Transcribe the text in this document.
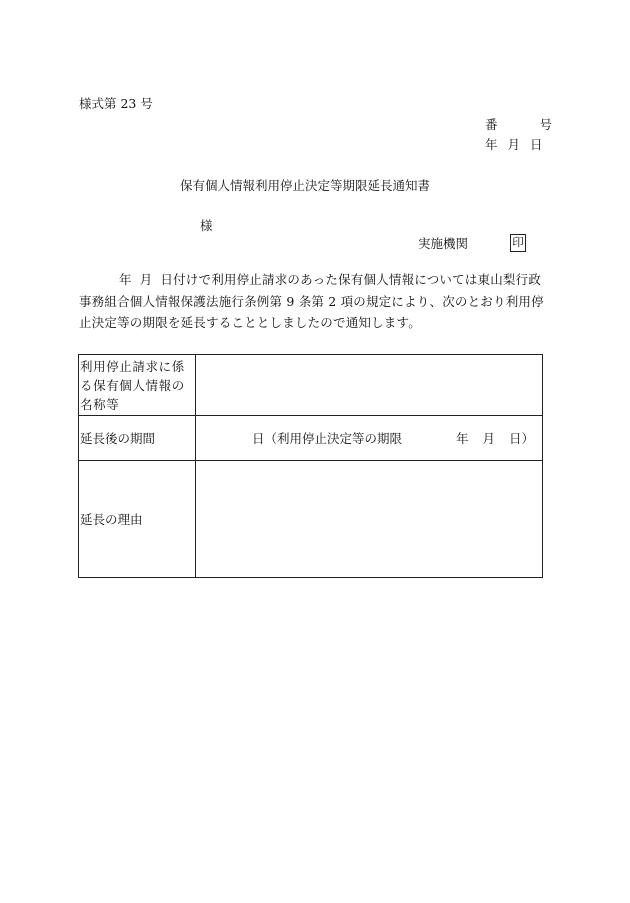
様式第 23 号
番	号
年 月 日
保有個人情報利用停止決定等期限延長通知書
様
実施機関	印
年 月 日付けで利用停止請求のあった保有個人情報については東山梨行政事務組合個人情報保護法施行条例第 9 条第 2 項の規定により、次のとおり利用停止決定等の期限を延長することとしましたので通知します。
利用停止請求に係る保有個人情報の名称等	

延長後の期間	日（利用停止決定等の期限 年 月 日）

延長の理由	
